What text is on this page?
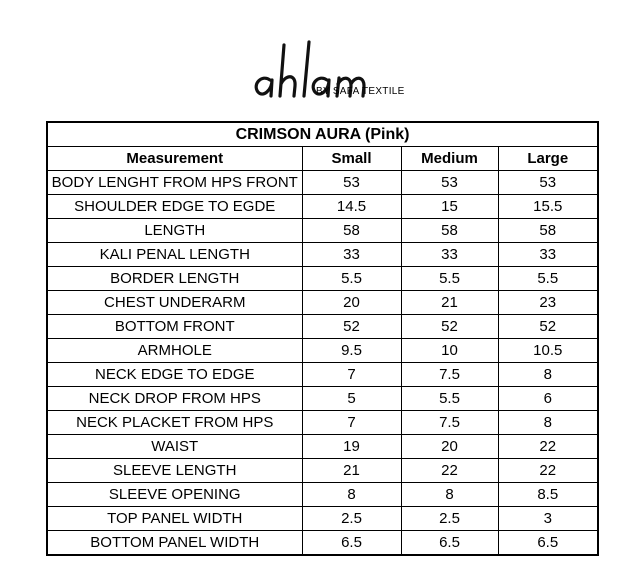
BY SAFA TEXTILE
CRIMSON AURA (Pink)			
Measurement	Small	Medium	Large
BODY LENGHT FROM HPS FRONT	53	53	53
SHOULDER EDGE TO EGDE	14.5	15	15.5
LENGTH	58	58	58
KALI PENAL LENGTH	33	33	33
BORDER LENGTH	5.5	5.5	5.5
CHEST UNDERARM	20	21	23
BOTTOM FRONT	52	52	52
ARMHOLE	9.5	10	10.5
NECK EDGE TO EDGE	7	7.5	8
NECK DROP FROM HPS	5	5.5	6
NECK PLACKET FROM HPS	7	7.5	8
WAIST	19	20	22
SLEEVE LENGTH	21	22	22
SLEEVE OPENING	8	8	8.5
TOP PANEL WIDTH	2.5	2.5	3
BOTTOM PANEL WIDTH	6.5	6.5	6.5
